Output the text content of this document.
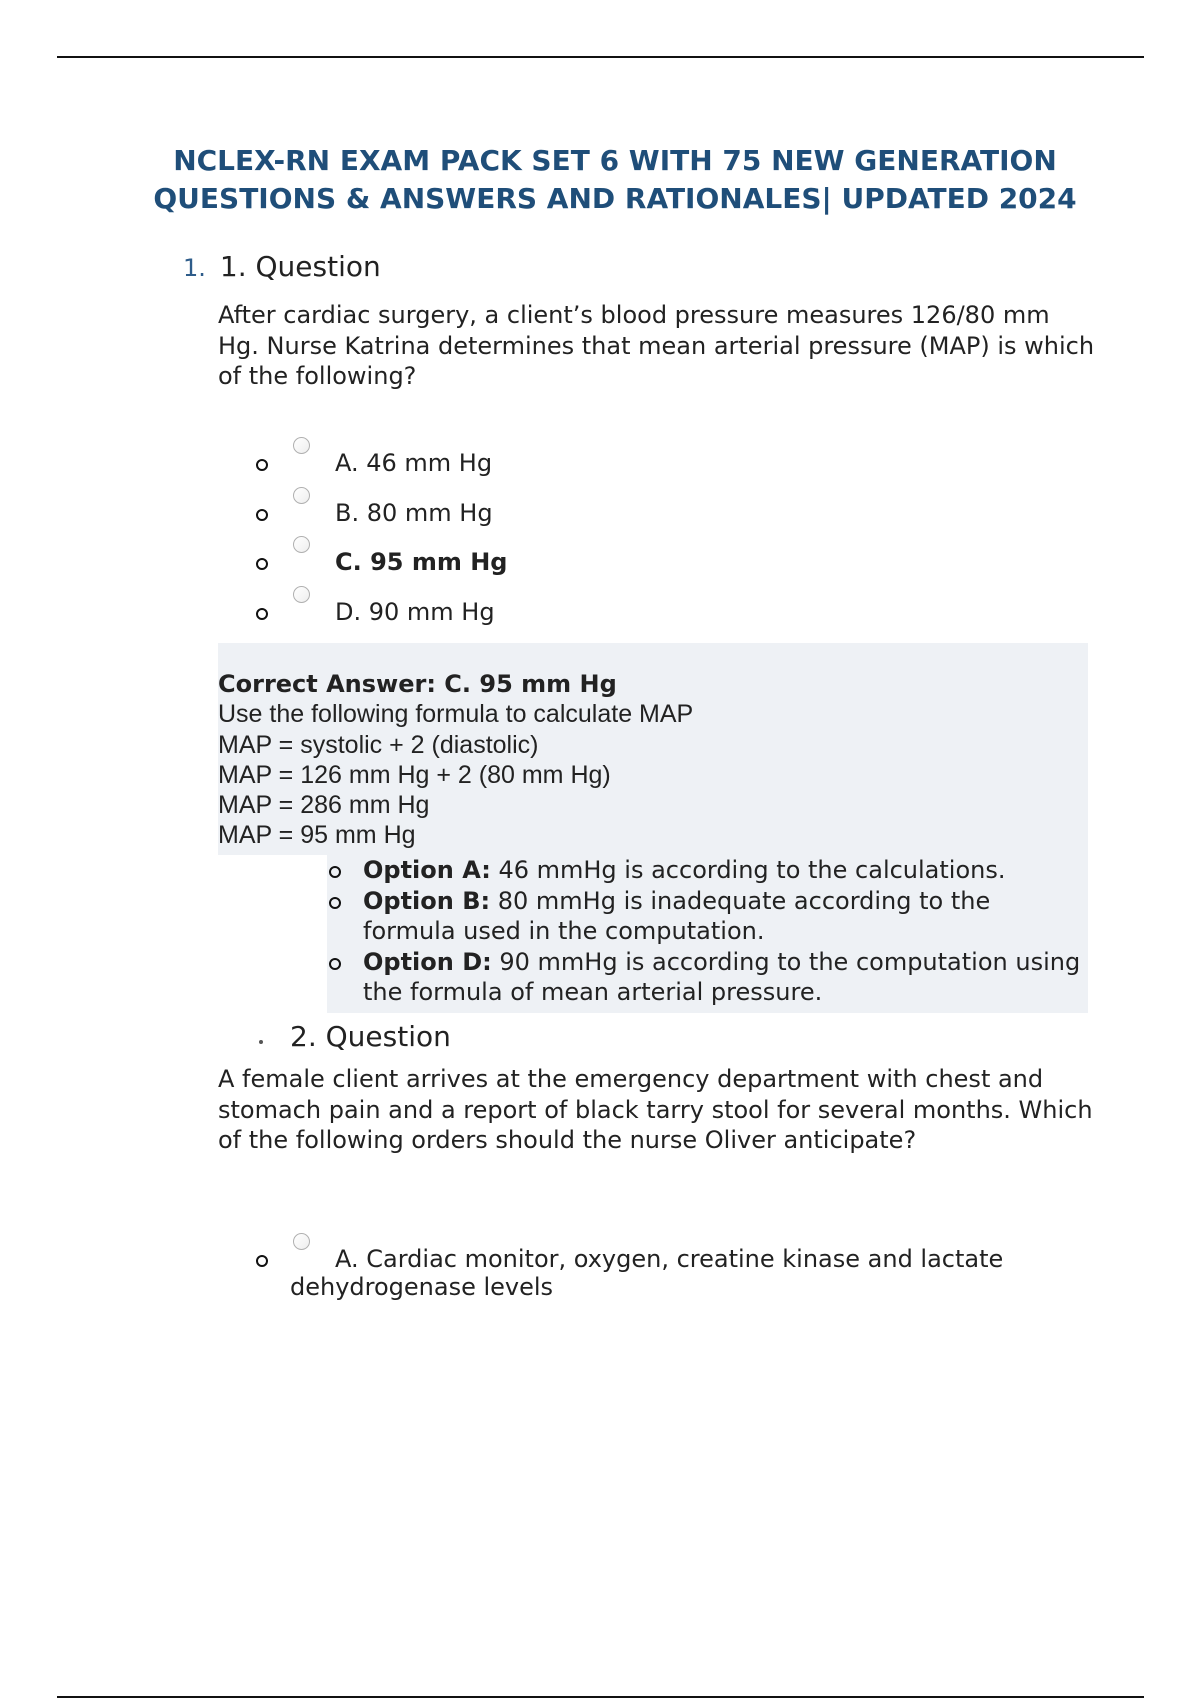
NCLEX-RN EXAM PACK SET 6 WITH 75 NEW GENERATION
QUESTIONS & ANSWERS AND RATIONALES| UPDATED 2024
1. 1. Question

After cardiac surgery, a client’s blood pressure measures 126/80 mm Hg. Nurse Katrina determines that mean arterial pressure (MAP) is which of the following?

A. 46 mm Hg
B. 80 mm Hg
C. 95 mm Hg
D. 90 mm Hg
Correct Answer: C. 95 mm Hg
Use the following formula to calculate MAP
MAP = systolic + 2 (diastolic)
MAP = 126 mm Hg + 2 (80 mm Hg)
MAP = 286 mm Hg
MAP = 95 mm Hg
Option A: 46 mmHg is according to the calculations.
Option B: 80 mmHg is inadequate according to the formula used in the computation.
Option D: 90 mmHg is according to the computation using the formula of mean arterial pressure.
2. Question

A female client arrives at the emergency department with chest and stomach pain and a report of black tarry stool for several months. Which of the following orders should the nurse Oliver anticipate?

A. Cardiac monitor, oxygen, creatine kinase and lactate dehydrogenase levels
